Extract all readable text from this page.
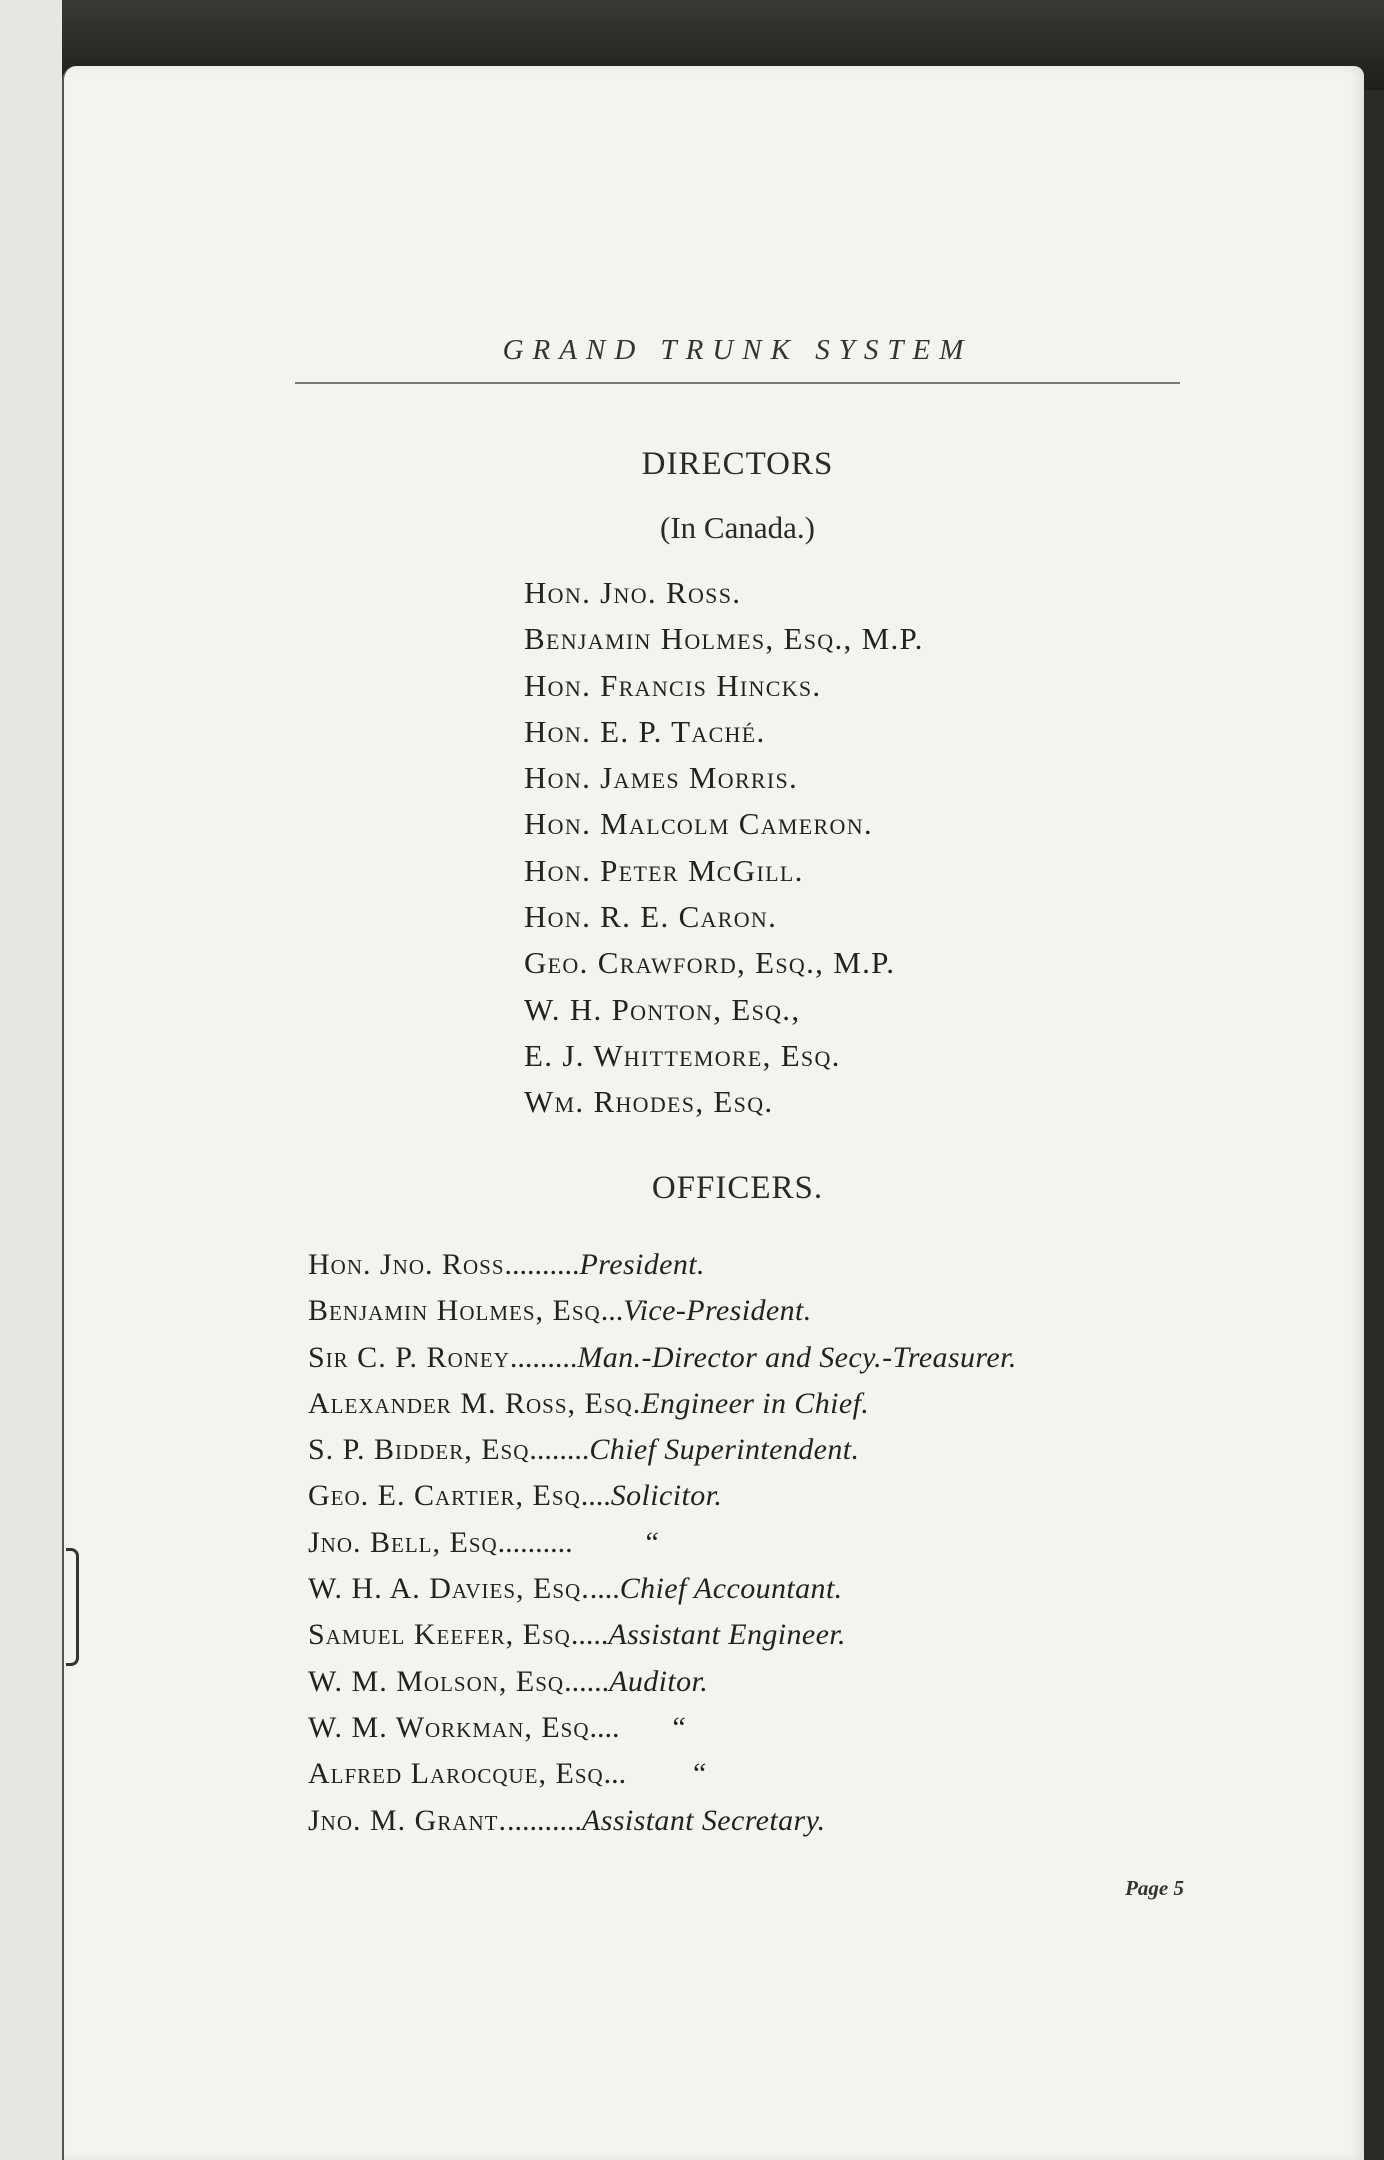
GRAND TRUNK SYSTEM
DIRECTORS
(In Canada.)
Hon. Jno. Ross.
Benjamin Holmes, Esq., M.P.
Hon. Francis Hincks.
Hon. E. P. Taché.
Hon. James Morris.
Hon. Malcolm Cameron.
Hon. Peter McGill.
Hon. R. E. Caron.
Geo. Crawford, Esq., M.P.
W. H. Ponton, Esq.,
E. J. Whittemore, Esq.
Wm. Rhodes, Esq.
OFFICERS.
Hon. Jno. Ross..........President.
Benjamin Holmes, Esq...Vice-President.
Sir C. P. Roney.........Man.-Director and Secy.-Treasurer.
Alexander M. Ross, Esq.Engineer in Chief.
S. P. Bidder, Esq........Chief Superintendent.
Geo. E. Cartier, Esq....Solicitor.
Jno. Bell, Esq.......... “
W. H. A. Davies, Esq.....Chief Accountant.
Samuel Keefer, Esq.....Assistant Engineer.
W. M. Molson, Esq......Auditor.
W. M. Workman, Esq.... “
Alfred Larocque, Esq... “
Jno. M. Grant...........Assistant Secretary.
Page 5
